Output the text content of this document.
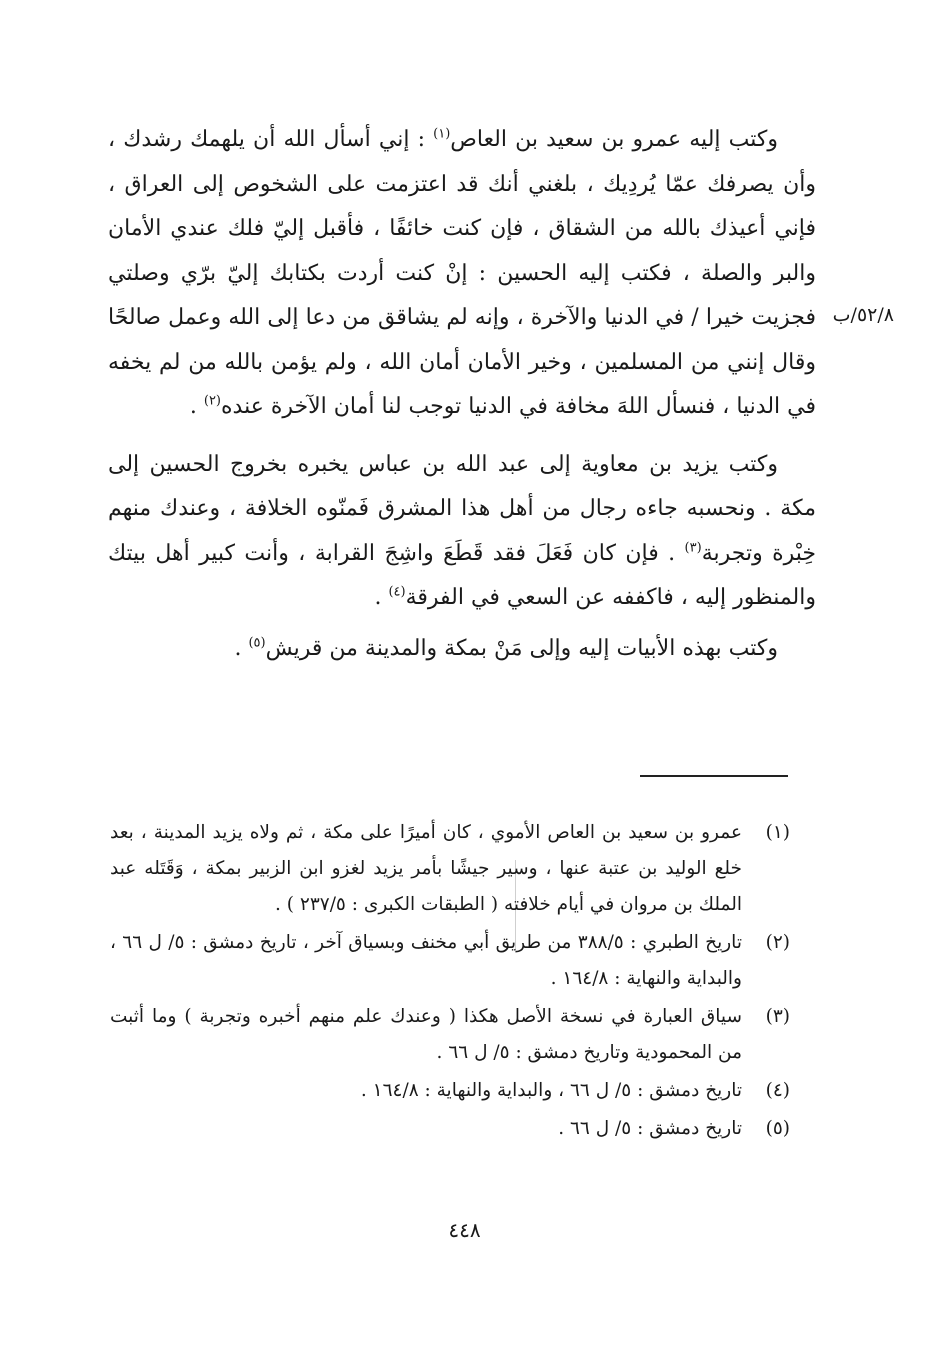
٥٢/٨/ب

وكتب إليه عمرو بن سعيد بن العاص$^{(١)}$ : إني أسأل الله أن يلهمك رشدك ، وأن يصرفك عمّا يُردِيك ، بلغني أنك قد اعتزمت على الشخوص إلى العراق ، فإني أعيذك بالله من الشقاق ، فإن كنت خائفًا ، فأقبل إليّ فلك عندي الأمان والبر والصلة ، فكتب إليه الحسين : إنْ كنت أردت بكتابك إليّ برّي وصلتي فجزيت خيرا / في الدنيا والآخرة ، وإنه لم يشاقق من دعا إلى الله وعمل صالحًا وقال إنني من المسلمين ، وخير الأمان أمان الله ، ولم يؤمن بالله من لم يخفه في الدنيا ، فنسأل اللهَ مخافة في الدنيا توجب لنا أمان الآخرة عنده$^{(٢)}$ .

وكتب يزيد بن معاوية إلى عبد الله بن عباس يخبره بخروج الحسين إلى مكة . ونحسبه جاءه رجال من أهل هذا المشرق فَمنّوه الخلافة ، وعندك منهم خِبْرة وتجربة$^{(٣)}$ . فإن كان فَعَلَ فقد قَطَعَ واشِجَ القرابة ، وأنت كبير أهل بيتك والمنظور إليه ، فاكففه عن السعي في الفرقة$^{(٤)}$ .

وكتب بهذه الأبيات إليه وإلى مَنْ بمكة والمدينة من قريش$^{(٥)}$ .

(١)
عمرو بن سعيد بن العاص الأموي ، كان أميرًا على مكة ، ثم ولاه يزيد المدينة ، بعد خلع الوليد بن عتبة عنها ، وسير جيشًا بأمر يزيد لغزو ابن الزبير بمكة ، وَقَتَله عبد الملك بن مروان في أيام خلافته ( الطبقات الكبرى : ٢٣٧/٥ ) .
(٢)
تاريخ الطبري : ٣٨٨/٥ من طريق أبي مخنف وبسياق آخر ، تاريخ دمشق : ٥/ ل ٦٦ ، والبداية والنهاية : ١٦٤/٨ .
(٣)
سياق العبارة في نسخة الأصل هكذا ( وعندك علم منهم أخبره وتجربة ) وما أثبت من المحمودية وتاريخ دمشق : ٥/ ل ٦٦ .
(٤)
تاريخ دمشق : ٥/ ل ٦٦ ، والبداية والنهاية : ١٦٤/٨ .
(٥)
تاريخ دمشق : ٥/ ل ٦٦ .
٤٤٨
